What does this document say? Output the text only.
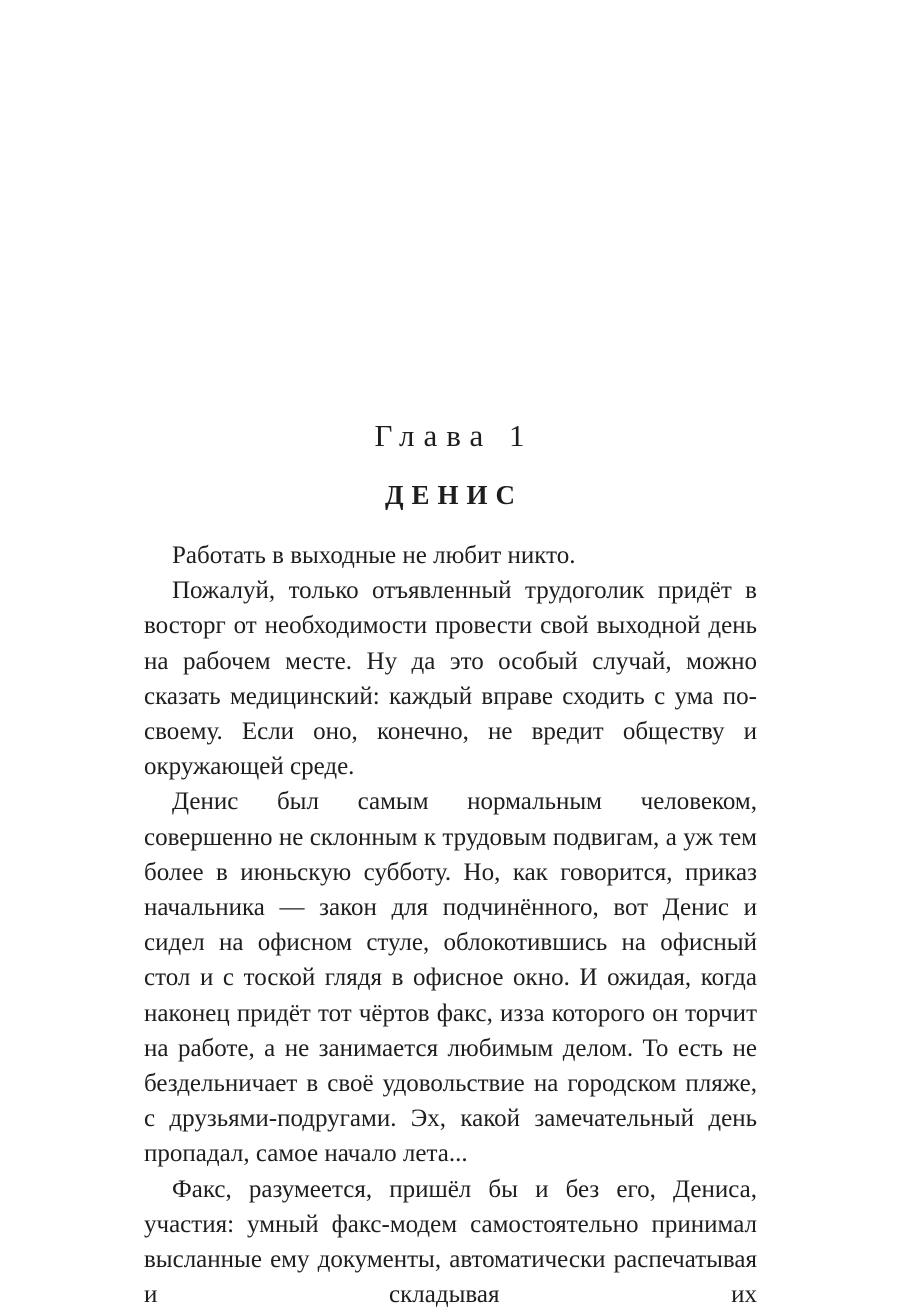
Глава 1
ДЕНИС

Работать в выходные не любит никто.

Пожалуй, только отъявленный трудоголик придёт в восторг от необходимости провести свой выходной день на рабочем месте. Ну да это особый случай, можно сказать медицинский: каждый вправе сходить с ума по-своему. Если оно, конечно, не вредит обществу и окружающей среде.

Денис был самым нормальным человеком, совершенно не склонным к трудовым подвигам, а уж тем более в июньскую субботу. Но, как говорится, приказ начальника — закон для подчинённого, вот Денис и сидел на офисном стуле, облокотившись на офисный стол и с тоской глядя в офисное окно. И ожидая, когда наконец придёт тот чёртов факс, изза которого он торчит на работе, а не занимается любимым делом. То есть не бездельничает в своё удовольствие на городском пляже, с друзьями-подругами. Эх, какой замечательный день пропадал, самое начало лета...

Факс, разумеется, пришёл бы и без его, Дениса, участия: умный факс-модем самостоятельно принимал высланные ему документы, автоматически распечатывая и складывая их
